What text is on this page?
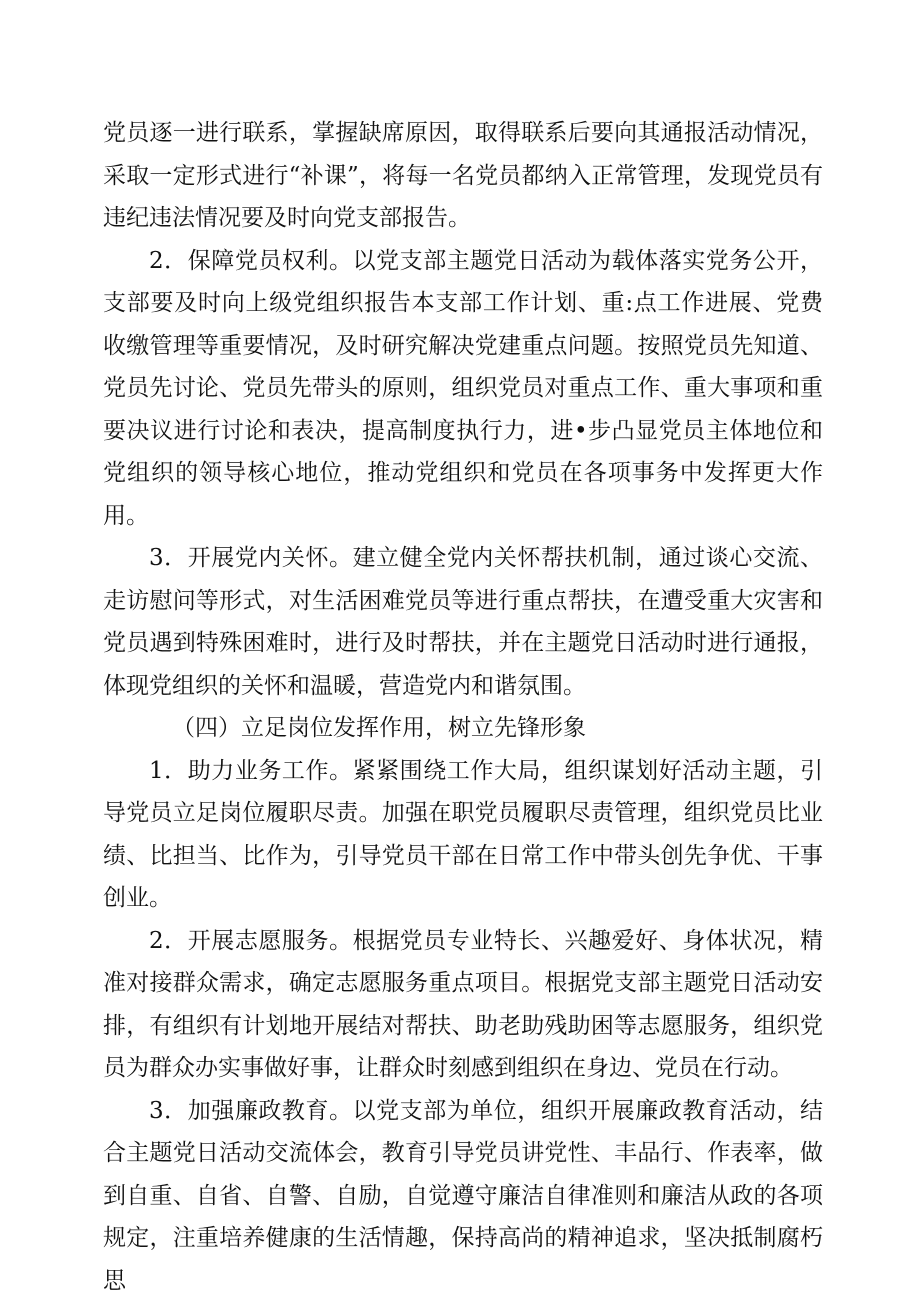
党员逐一进行联系，掌握缺席原因，取得联系后要向其通报活动情况，采取一定形式进行“补课”，将每一名党员都纳入正常管理，发现党员有违纪违法情况要及时向党支部报告。

2．保障党员权利。以党支部主题党日活动为载体落实党务公开，支部要及时向上级党组织报告本支部工作计划、重:点工作进展、党费收缴管理等重要情况，及时研究解决党建重点问题。按照党员先知道、党员先讨论、党员先带头的原则，组织党员对重点工作、重大事项和重要决议进行讨论和表决，提高制度执行力，进•步凸显党员主体地位和党组织的领导核心地位，推动党组织和党员在各项事务中发挥更大作用。

3．开展党内关怀。建立健全党内关怀帮扶机制，通过谈心交流、走访慰问等形式，对生活困难党员等进行重点帮扶，在遭受重大灾害和党员遇到特殊困难时，进行及时帮扶，并在主题党日活动时进行通报，体现党组织的关怀和温暖，营造党内和谐氛围。

（四）立足岗位发挥作用，树立先锋形象

1．助力业务工作。紧紧围绕工作大局，组织谋划好活动主题，引导党员立足岗位履职尽责。加强在职党员履职尽责管理，组织党员比业绩、比担当、比作为，引导党员干部在日常工作中带头创先争优、干事创业。

2．开展志愿服务。根据党员专业特长、兴趣爱好、身体状况，精准对接群众需求，确定志愿服务重点项目。根据党支部主题党日活动安排，有组织有计划地开展结对帮扶、助老助残助困等志愿服务，组织党员为群众办实事做好事，让群众时刻感到组织在身边、党员在行动。

3．加强廉政教育。以党支部为单位，组织开展廉政教育活动，结合主题党日活动交流体会，教育引导党员讲党性、丰品行、作表率，做到自重、自省、自警、自励，自觉遵守廉洁自律准则和廉洁从政的各项规定，注重培养健康的生活情趣，保持高尚的精神追求，坚决抵制腐朽思
